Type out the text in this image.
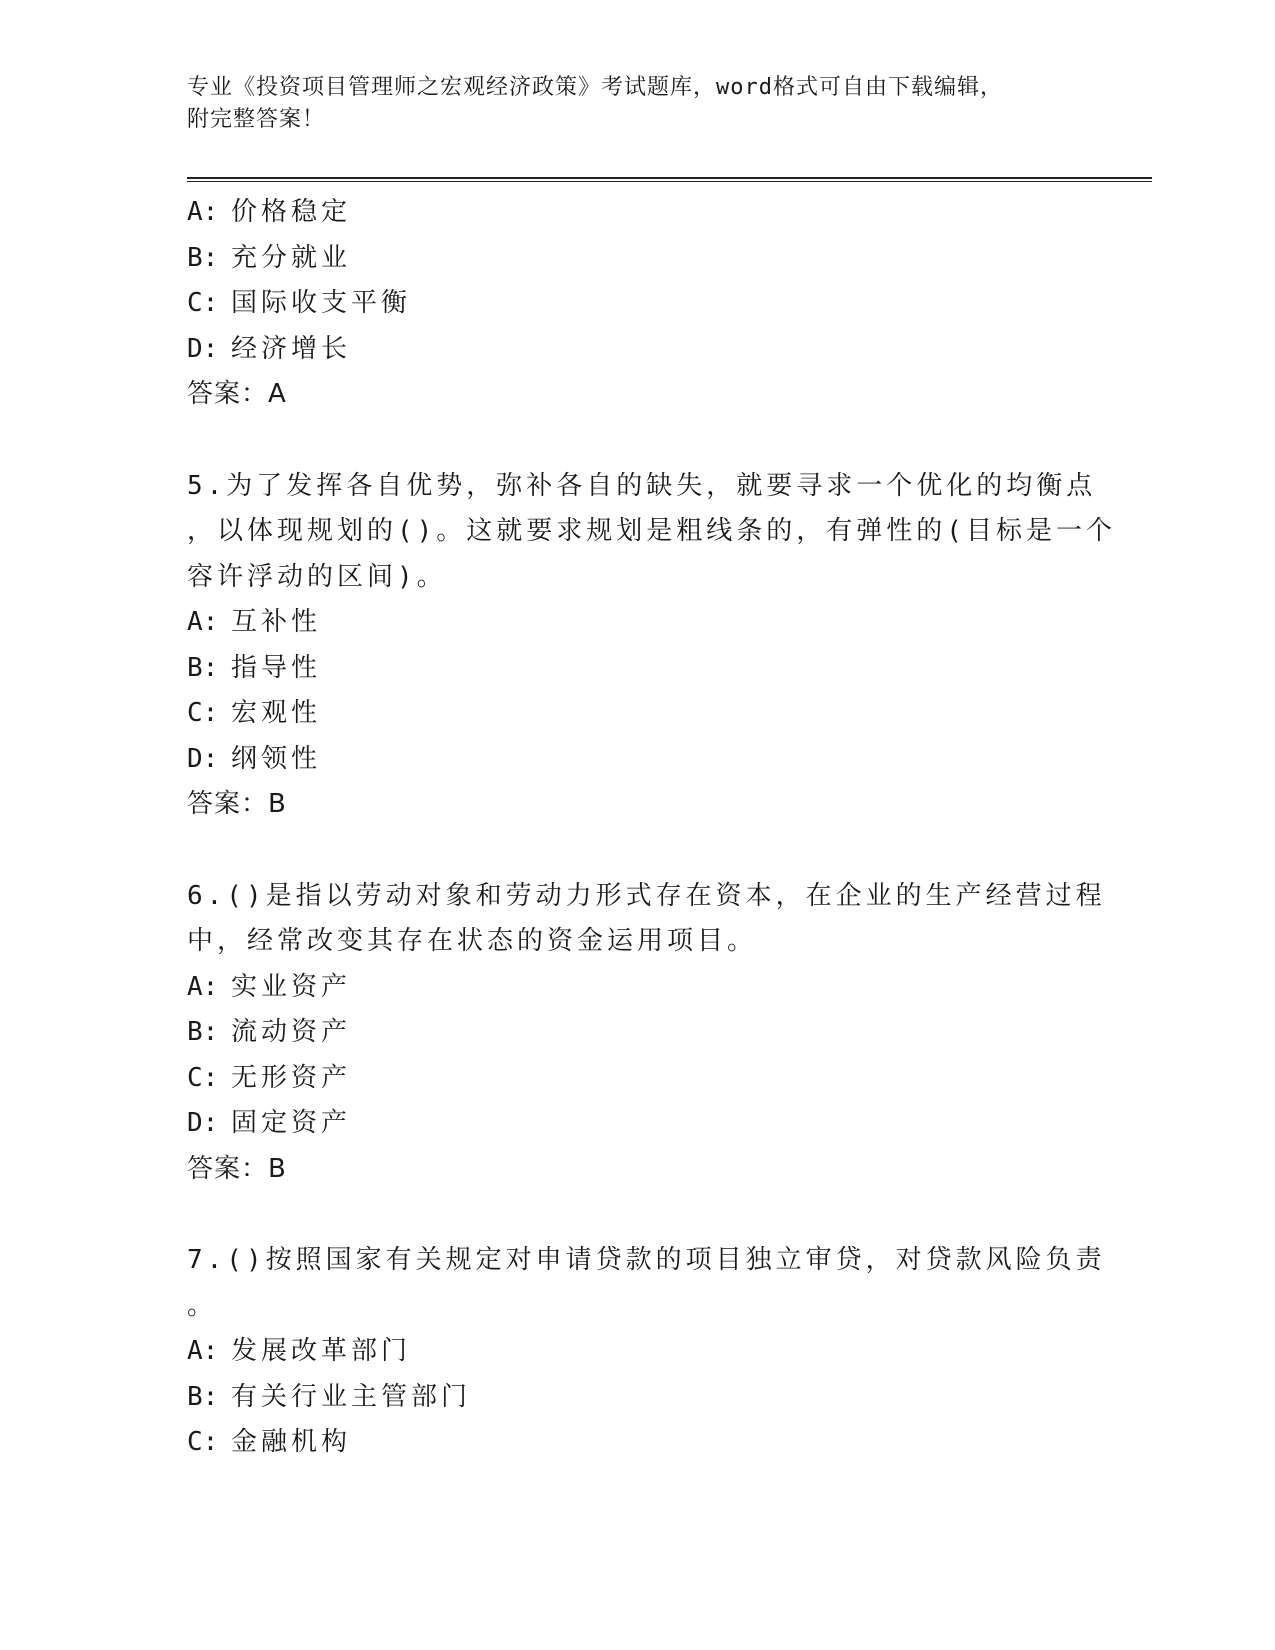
专业《投资项目管理师之宏观经济政策》考试题库，word格式可自由下载编辑，
附完整答案！
A: 价格稳定
B: 充分就业
C: 国际收支平衡
D: 经济增长
答案：A
5.为了发挥各自优势，弥补各自的缺失，就要寻求一个优化的均衡点
，以体现规划的()。这就要求规划是粗线条的，有弹性的(目标是一个
容许浮动的区间)。
A: 互补性
B: 指导性
C: 宏观性
D: 纲领性
答案：B
6.()是指以劳动对象和劳动力形式存在资本，在企业的生产经营过程
中，经常改变其存在状态的资金运用项目。
A: 实业资产
B: 流动资产
C: 无形资产
D: 固定资产
答案：B
7.()按照国家有关规定对申请贷款的项目独立审贷，对贷款风险负责
。
A: 发展改革部门
B: 有关行业主管部门
C: 金融机构
